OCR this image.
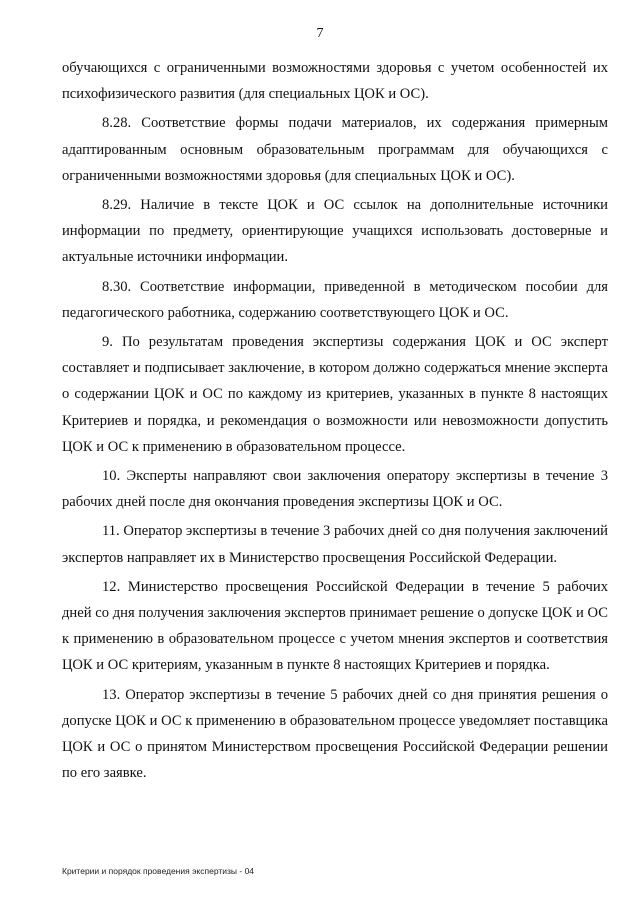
7

обучающихся с ограниченными возможностями здоровья с учетом особенностей их психофизического развития (для специальных ЦОК и ОС).

8.28. Соответствие формы подачи материалов, их содержания примерным адаптированным основным образовательным программам для обучающихся с ограниченными возможностями здоровья (для специальных ЦОК и ОС).

8.29. Наличие в тексте ЦОК и ОС ссылок на дополнительные источники информации по предмету, ориентирующие учащихся использовать достоверные и актуальные источники информации.

8.30. Соответствие информации, приведенной в методическом пособии для педагогического работника, содержанию соответствующего ЦОК и ОС.

9. По результатам проведения экспертизы содержания ЦОК и ОС эксперт составляет и подписывает заключение, в котором должно содержаться мнение эксперта о содержании ЦОК и ОС по каждому из критериев, указанных в пункте 8 настоящих Критериев и порядка, и рекомендация о возможности или невозможности допустить ЦОК и ОС к применению в образовательном процессе.

10. Эксперты направляют свои заключения оператору экспертизы в течение 3 рабочих дней после дня окончания проведения экспертизы ЦОК и ОС.

11. Оператор экспертизы в течение 3 рабочих дней со дня получения заключений экспертов направляет их в Министерство просвещения Российской Федерации.

12. Министерство просвещения Российской Федерации в течение 5 рабочих дней со дня получения заключения экспертов принимает решение о допуске ЦОК и ОС к применению в образовательном процессе с учетом мнения экспертов и соответствия ЦОК и ОС критериям, указанным в пункте 8 настоящих Критериев и порядка.

13. Оператор экспертизы в течение 5 рабочих дней со дня принятия решения о допуске ЦОК и ОС к применению в образовательном процессе уведомляет поставщика ЦОК и ОС о принятом Министерством просвещения Российской Федерации решении по его заявке.

Критерии и порядок проведения экспертизы - 04
